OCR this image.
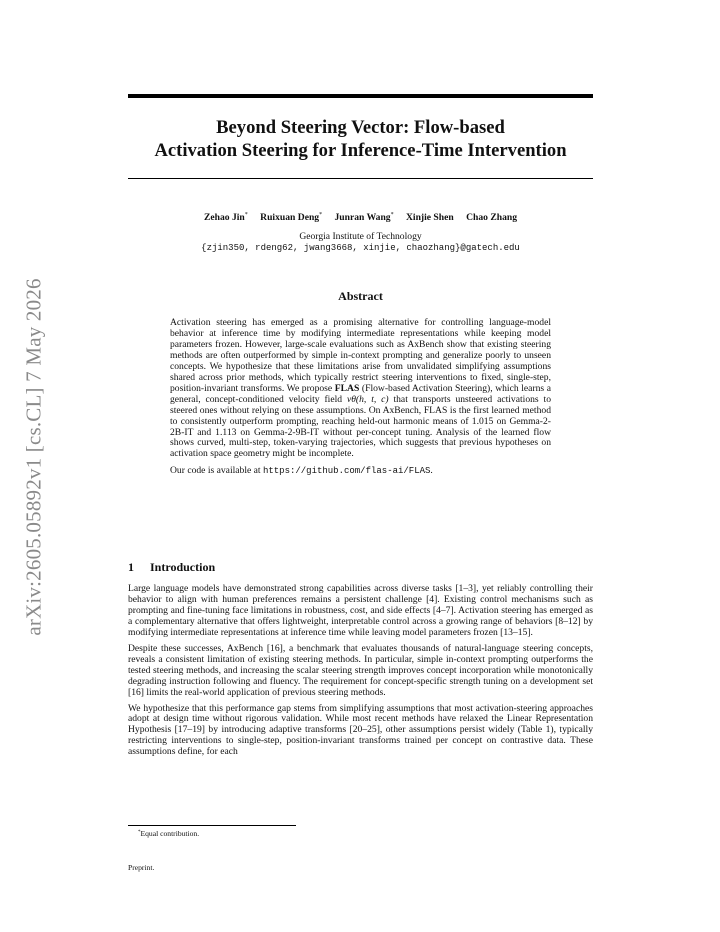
arXiv:2605.05892v1 [cs.CL] 7 May 2026
Beyond Steering Vector: Flow-based
Activation Steering for Inference-Time Intervention
Zehao Jin* Ruixuan Deng* Junran Wang* Xinjie Shen Chao Zhang
Georgia Institute of Technology
{zjin350, rdeng62, jwang3668, xinjie, chaozhang}@gatech.edu
Abstract

Activation steering has emerged as a promising alternative for controlling language-model behavior at inference time by modifying intermediate representations while keeping model parameters frozen. However, large-scale evaluations such as AxBench show that existing steering methods are often outperformed by simple in-context prompting and generalize poorly to unseen concepts. We hypothesize that these limitations arise from unvalidated simplifying assumptions shared across prior methods, which typically restrict steering interventions to fixed, single-step, position-invariant transforms. We propose FLAS (Flow-based Activation Steering), which learns a general, concept-conditioned velocity field vθ(h, t, c) that transports unsteered activations to steered ones without relying on these assumptions. On AxBench, FLAS is the first learned method to consistently outperform prompting, reaching held-out harmonic means of 1.015 on Gemma-2-2B-IT and 1.113 on Gemma-2-9B-IT without per-concept tuning. Analysis of the learned flow shows curved, multi-step, token-varying trajectories, which suggests that previous hypotheses on activation space geometry might be incomplete.

Our code is available at https://github.com/flas-ai/FLAS.

1 Introduction

Large language models have demonstrated strong capabilities across diverse tasks [1–3], yet reliably controlling their behavior to align with human preferences remains a persistent challenge [4]. Existing control mechanisms such as prompting and fine-tuning face limitations in robustness, cost, and side effects [4–7]. Activation steering has emerged as a complementary alternative that offers lightweight, interpretable control across a growing range of behaviors [8–12] by modifying intermediate representations at inference time while leaving model parameters frozen [13–15].

Despite these successes, AxBench [16], a benchmark that evaluates thousands of natural-language steering concepts, reveals a consistent limitation of existing steering methods. In particular, simple in-context prompting outperforms the tested steering methods, and increasing the scalar steering strength improves concept incorporation while monotonically degrading instruction following and fluency. The requirement for concept-specific strength tuning on a development set [16] limits the real-world application of previous steering methods.

We hypothesize that this performance gap stems from simplifying assumptions that most activation-steering approaches adopt at design time without rigorous validation. While most recent methods have relaxed the Linear Representation Hypothesis [17–19] by introducing adaptive transforms [20–25], other assumptions persist widely (Table 1), typically restricting interventions to single-step, position-invariant transforms trained per concept on contrastive data. These assumptions define, for each

*Equal contribution.
Preprint.
